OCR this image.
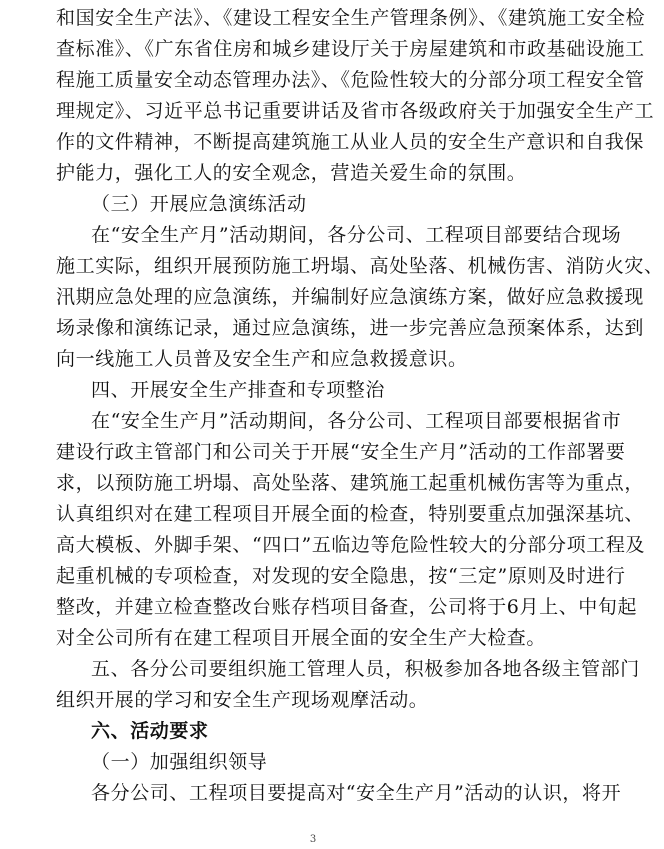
和国安全生产法》、《建设工程安全生产管理条例》、《建筑施工安全检
查标准》、《广东省住房和城乡建设厅关于房屋建筑和市政基础设施工
程施工质量安全动态管理办法》、《危险性较大的分部分项工程安全管
理规定》、习近平总书记重要讲话及省市各级政府关于加强安全生产工
作的文件精神，不断提高建筑施工从业人员的安全生产意识和自我保
护能力，强化工人的安全观念，营造关爱生命的氛围。
（三）开展应急演练活动
在“安全生产月”活动期间，各分公司、工程项目部要结合现场
施工实际，组织开展预防施工坍塌、高处坠落、机械伤害、消防火灾、
汛期应急处理的应急演练，并编制好应急演练方案，做好应急救援现
场录像和演练记录，通过应急演练，进一步完善应急预案体系，达到
向一线施工人员普及安全生产和应急救援意识。
四、开展安全生产排查和专项整治
在“安全生产月”活动期间，各分公司、工程项目部要根据省市
建设行政主管部门和公司关于开展“安全生产月”活动的工作部署要
求，以预防施工坍塌、高处坠落、建筑施工起重机械伤害等为重点，
认真组织对在建工程项目开展全面的检查，特别要重点加强深基坑、
高大模板、外脚手架、“四口”五临边等危险性较大的分部分项工程及
起重机械的专项检查，对发现的安全隐患，按“三定”原则及时进行
整改，并建立检查整改台账存档项目备查，公司将于6月上、中旬起
对全公司所有在建工程项目开展全面的安全生产大检查。
五、各分公司要组织施工管理人员，积极参加各地各级主管部门
组织开展的学习和安全生产现场观摩活动。
六、活动要求
（一）加强组织领导
各分公司、工程项目要提高对“安全生产月”活动的认识，将开
3
